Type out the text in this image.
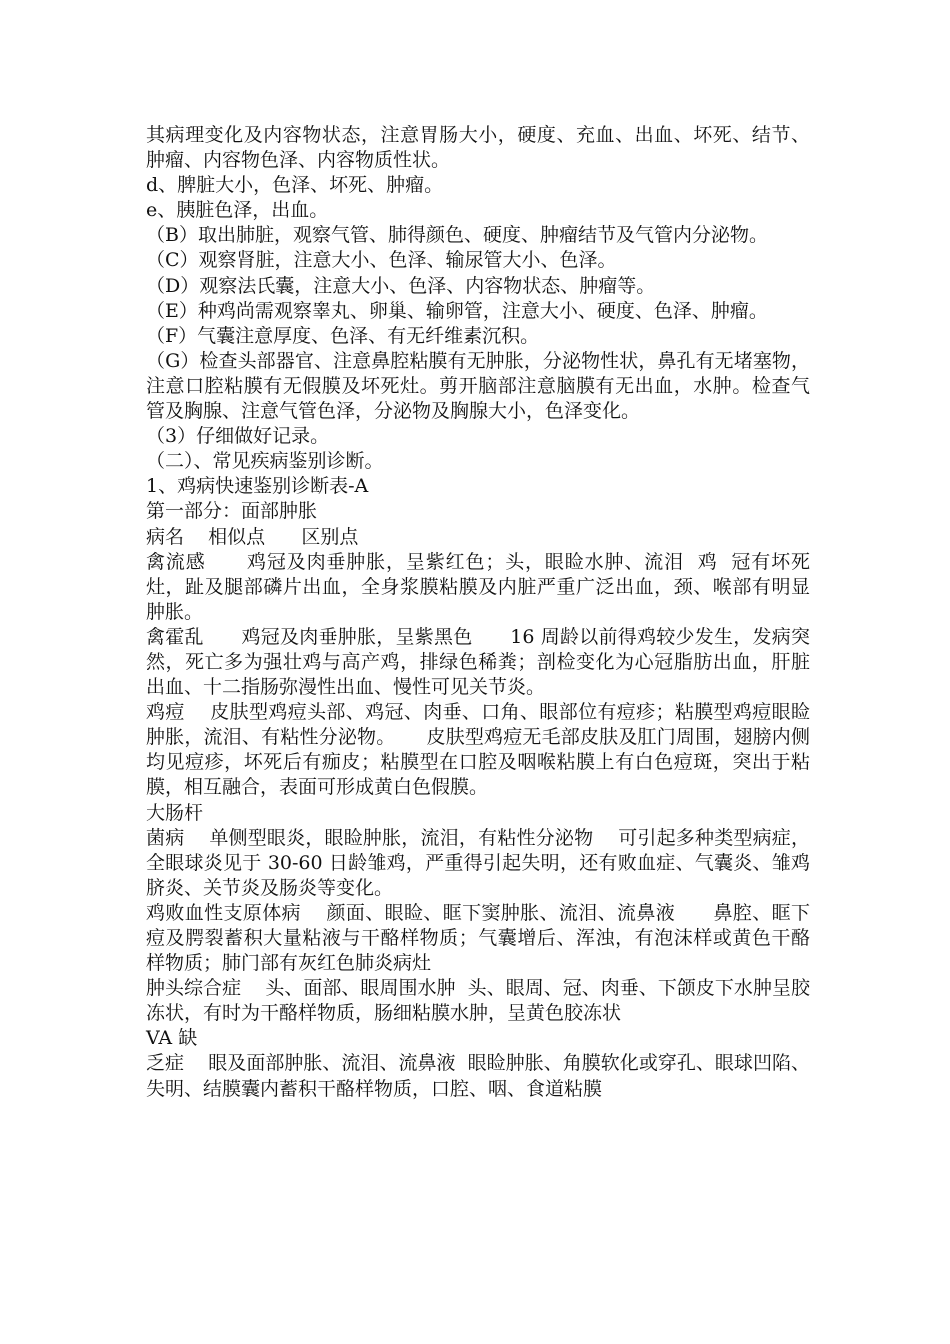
其病理变化及内容物状态，注意胃肠大小，硬度、充血、出血、坏死、结节、肿瘤、内容物色泽、内容物质性状。

d、脾脏大小，色泽、坏死、肿瘤。

e、胰脏色泽，出血。

（B）取出肺脏，观察气管、肺得颜色、硬度、肿瘤结节及气管内分泌物。

（C）观察肾脏，注意大小、色泽、输尿管大小、色泽。

（D）观察法氏囊，注意大小、色泽、内容物状态、肿瘤等。

（E）种鸡尚需观察睾丸、卵巢、输卵管，注意大小、硬度、色泽、肿瘤。

（F）气囊注意厚度、色泽、有无纤维素沉积。

（G）检查头部器官、注意鼻腔粘膜有无肿胀，分泌物性状，鼻孔有无堵塞物，注意口腔粘膜有无假膜及坏死灶。剪开脑部注意脑膜有无出血，水肿。检查气管及胸腺、注意气管色泽，分泌物及胸腺大小，色泽变化。

（3）仔细做好记录。

（二）、常见疾病鉴别诊断。

1、鸡病快速鉴别诊断表-A

第一部分：面部肿胀

病名    相似点      区别点

禽流感      鸡冠及肉垂肿胀，呈紫红色；头，眼睑水肿、流泪  鸡  冠有坏死灶，趾及腿部磷片出血，全身浆膜粘膜及内脏严重广泛出血，颈、喉部有明显肿胀。

禽霍乱      鸡冠及肉垂肿胀，呈紫黑色      16 周龄以前得鸡较少发生，发病突然，死亡多为强壮鸡与高产鸡，排绿色稀粪；剖检变化为心冠脂肪出血，肝脏出血、十二指肠弥漫性出血、慢性可见关节炎。

鸡痘    皮肤型鸡痘头部、鸡冠、肉垂、口角、眼部位有痘疹；粘膜型鸡痘眼睑肿胀，流泪、有粘性分泌物。     皮肤型鸡痘无毛部皮肤及肛门周围，翅膀内侧均见痘疹，坏死后有痂皮；粘膜型在口腔及咽喉粘膜上有白色痘斑，突出于粘膜，相互融合，表面可形成黄白色假膜。

大肠杆

菌病    单侧型眼炎，眼睑肿胀，流泪，有粘性分泌物    可引起多种类型病症，全眼球炎见于 30-60 日龄雏鸡，严重得引起失明，还有败血症、气囊炎、雏鸡脐炎、关节炎及肠炎等变化。

鸡败血性支原体病    颜面、眼睑、眶下窦肿胀、流泪、流鼻液      鼻腔、眶下痘及腭裂蓄积大量粘液与干酪样物质；气囊增后、浑浊，有泡沫样或黄色干酪样物质；肺门部有灰红色肺炎病灶

肿头综合症    头、面部、眼周围水肿  头、眼周、冠、肉垂、下颌皮下水肿呈胶冻状，有时为干酪样物质，肠细粘膜水肿，呈黄色胶冻状

VA 缺

乏症    眼及面部肿胀、流泪、流鼻液  眼睑肿胀、角膜软化或穿孔、眼球凹陷、失明、结膜囊内蓄积干酪样物质，口腔、咽、食道粘膜
